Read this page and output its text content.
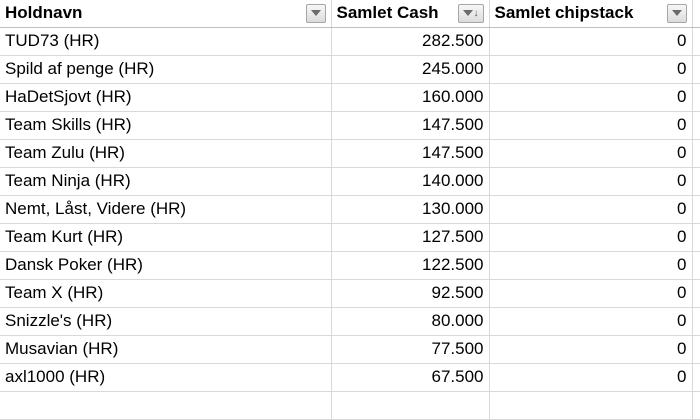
Holdnavn	Samlet Cash ↓	Samlet chipstack	

TUD73 (HR)	282.500	0	
Spild af penge (HR)	245.000	0	
HaDetSjovt (HR)	160.000	0	
Team Skills (HR)	147.500	0	
Team Zulu (HR)	147.500	0	
Team Ninja (HR)	140.000	0	
Nemt, Låst, Videre (HR)	130.000	0	
Team Kurt (HR)	127.500	0	
Dansk Poker (HR)	122.500	0	
Team X (HR)	92.500	0	
Snizzle's (HR)	80.000	0	
Musavian (HR)	77.500	0	
axl1000 (HR)	67.500	0	
